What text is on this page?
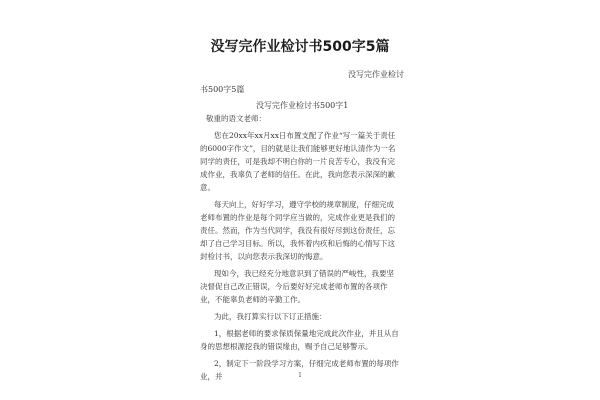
没写完作业检讨书500字5篇
没写完作业检讨
书500字5篇
没写完作业检讨书500字1

敬重的语文老师：

您在20xx年xx月xx日布置支配了作业“写一篇关于责任的6000字作文”，目的就是让我们能够更好地认清作为一名同学的责任，可是我却不明白你的一片良苦专心，我没有完成作业，我辜负了老师的信任。在此，我向您表示深深的歉意。

每天向上，好好学习，遵守学校的规章制度，仔细完成老师布置的作业是每个同学应当做的，完成作业更是我们的责任。然而，作为当代同学，我没有很好尽到这份责任，忘却了自己学习目标。所以，我怀着内疚和后悔的心情写下这封检讨书，以向您表示我深切的悔意。

现如今，我已经充分地意识到了错误的严峻性，我要坚决督促自己改正错误，今后要好好完成老师布置的各项作业，不能辜负老师的辛勤工作。

为此，我打算实行以下订正措施：

1，根据老师的要求保质保量地完成此次作业，并且从自身的思想根源挖我的错误缘由，赐予自己足够警示。

2，制定下一阶段学习方案，仔细完成老师布置的每项作业，并	1
